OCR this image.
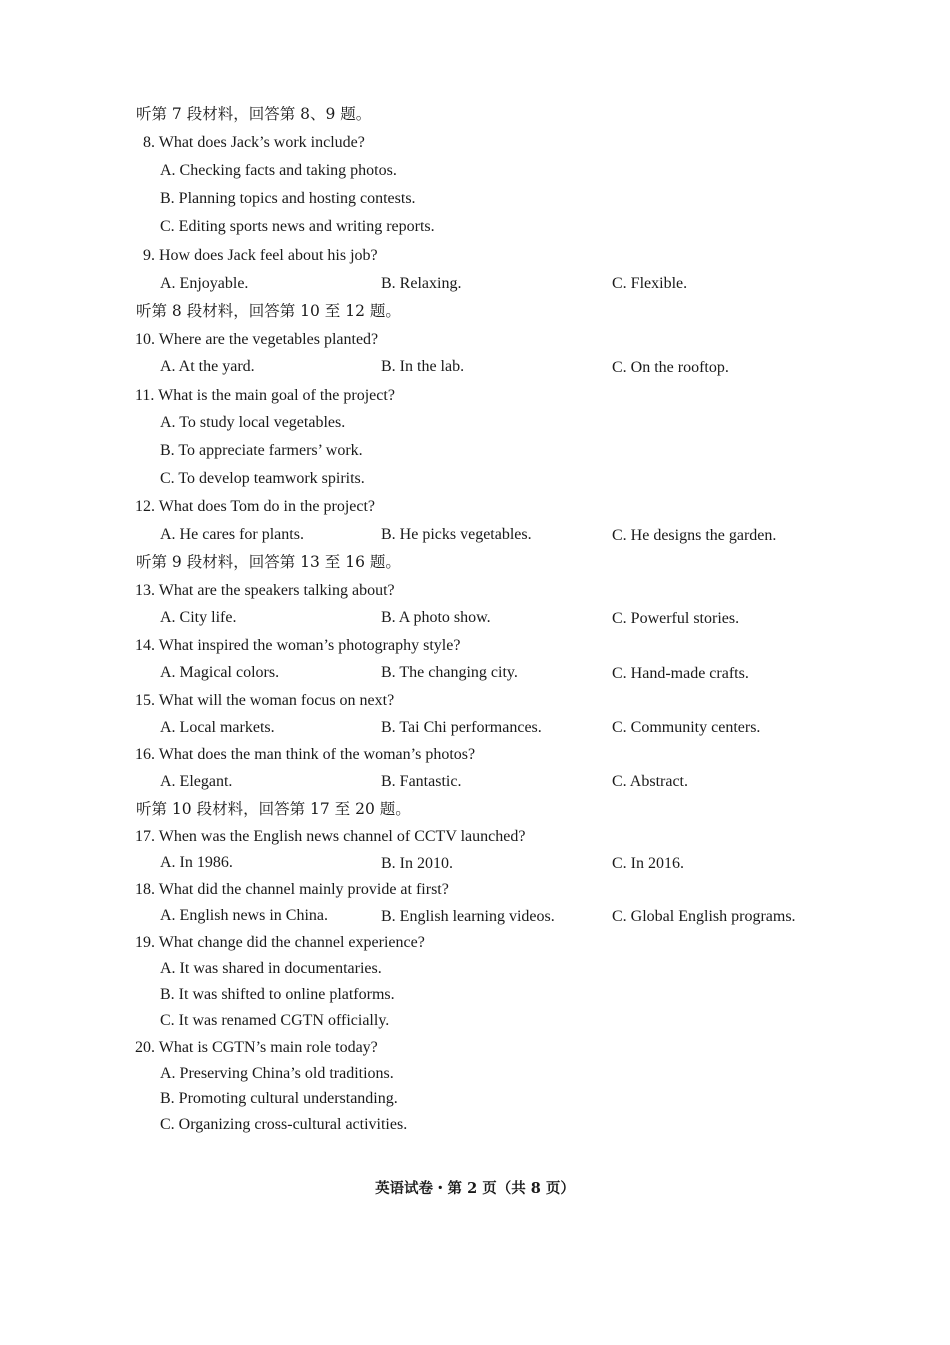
听第 7 段材料，回答第 8、9 题。
8. What does Jack’s work include?
A. Checking facts and taking photos.
B. Planning topics and hosting contests.
C. Editing sports news and writing reports.
9. How does Jack feel about his job?
A. Enjoyable.	B. Relaxing.	C. Flexible.
听第 8 段材料，回答第 10 至 12 题。
10. Where are the vegetables planted?
A. At the yard.	B. In the lab.	C. On the rooftop.
11. What is the main goal of the project?
A. To study local vegetables.
B. To appreciate farmers’ work.
C. To develop teamwork spirits.
12. What does Tom do in the project?
A. He cares for plants.	B. He picks vegetables.	C. He designs the garden.
听第 9 段材料，回答第 13 至 16 题。
13. What are the speakers talking about?
A. City life.	B. A photo show.	C. Powerful stories.
14. What inspired the woman’s photography style?
A. Magical colors.	B. The changing city.	C. Hand-made crafts.
15. What will the woman focus on next?
A. Local markets.	B. Tai Chi performances.	C. Community centers.
16. What does the man think of the woman’s photos?
A. Elegant.	B. Fantastic.	C. Abstract.
听第 10 段材料，回答第 17 至 20 题。
17. When was the English news channel of CCTV launched?
A. In 1986.	B. In 2010.	C. In 2016.
18. What did the channel mainly provide at first?
A. English news in China.	B. English learning videos.	C. Global English programs.
19. What change did the channel experience?
A. It was shared in documentaries.
B. It was shifted to online platforms.
C. It was renamed CGTN officially.
20. What is CGTN’s main role today?
A. Preserving China’s old traditions.
B. Promoting cultural understanding.
C. Organizing cross-cultural activities.
英语试卷・第 2 页（共 8 页）
